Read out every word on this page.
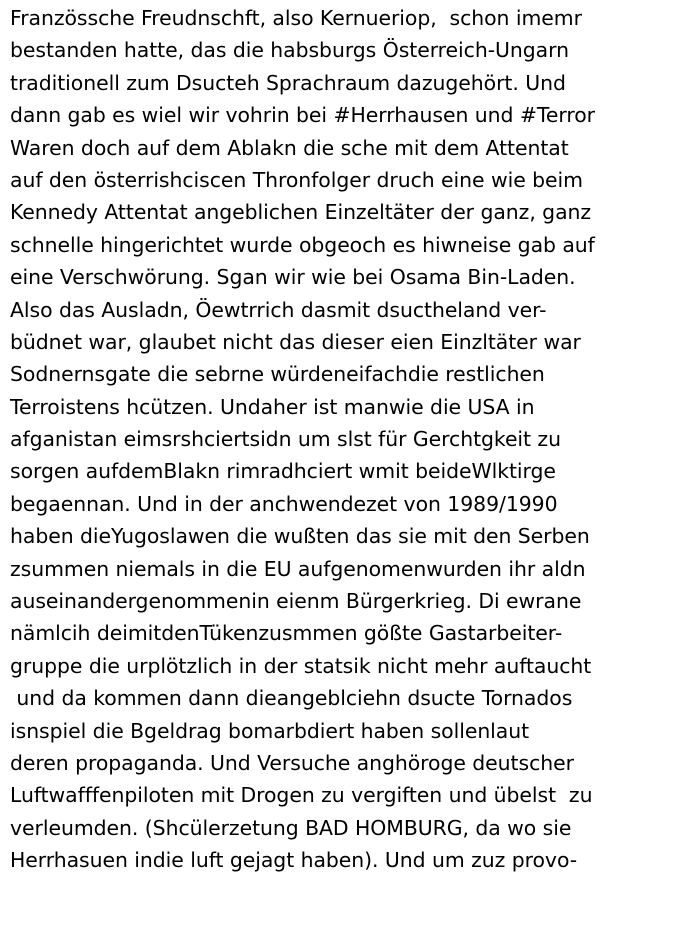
Französsche Freudnschft, also Kernueriop,  schon imemr
bestanden hatte, das die habsburgs Österreich-Ungarn
traditionell zum Dsucteh Sprachraum dazugehört. Und
dann gab es wiel wir vohrin bei #Herrhausen und #Terror
Waren doch auf dem Ablakn die sche mit dem Attentat
auf den österrishciscen Thronfolger druch eine wie beim
Kennedy Attentat angeblichen Einzeltäter der ganz, ganz
schnelle hingerichtet wurde obgeoch es hiwneise gab auf
eine Verschwörung. Sgan wir wie bei Osama Bin-Laden.
Also das Ausladn, Öewtrrich dasmit dsuctheland ver-
büdnet war, glaubet nicht das dieser eien Einzltäter war
Sodnernsgate die sebrne würdeneifachdie restlichen
Terroistens hcützen. Undaher ist manwie die USA in
afganistan eimsrshciertsidn um slst für Gerchtgkeit zu
sorgen aufdemBlakn rimradhciert wmit beideWlktirge
begaennan. Und in der anchwendezet von 1989/1990
haben dieYugoslawen die wußten das sie mit den Serben
zsummen niemals in die EU aufgenomenwurden ihr aldn
auseinandergenommenin eienm Bürgerkrieg. Di ewrane
nämlcih deimitdenTükenzusmmen gößte Gastarbeiter-
gruppe die urplötzlich in der statsik nicht mehr auftaucht
und da kommen dann dieangeblciehn dsucte Tornados
isnspiel die Bgeldrag bomarbdiert haben sollenlaut
deren propaganda. Und Versuche anghöroge deutscher
Luftwafffenpiloten mit Drogen zu vergiften und übelst  zu
verleumden. (Shcülerzetung BAD HOMBURG, da wo sie
Herrhasuen indie luft gejagt haben). Und um zuz provo-
